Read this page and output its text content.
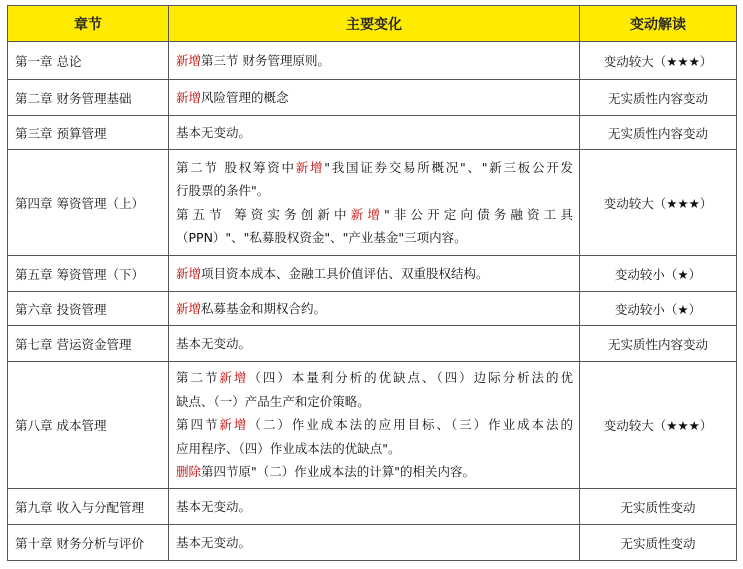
章节	主要变化	变动解读
第一章 总论	新增第三节 财务管理原则。	变动较大（★★★）
第二章 财务管理基础	新增风险管理的概念	无实质性内容变动
第三章 预算管理	基本无变动。	无实质性内容变动
第四章 筹资管理（上）	第二节 股权筹资中新增"我国证券交易所概况"、"新三板公开发
行股票的条件"。
第五节 筹资实务创新中新增"非公开定向债务融资工具
（PPN）"、"私募股权资金"、"产业基金"三项内容。	变动较大（★★★）
第五章 筹资管理（下）	新增项目资本成本、金融工具价值评估、双重股权结构。	变动较小（★）
第六章 投资管理	新增私募基金和期权合约。	变动较小（★）
第七章 营运资金管理	基本无变动。	无实质性内容变动
第八章 成本管理	第二节新增（四）本量利分析的优缺点、（四）边际分析法的优
缺点、（一）产品生产和定价策略。
第四节新增（二）作业成本法的应用目标、（三）作业成本法的
应用程序、（四）作业成本法的优缺点"。
删除第四节原"（二）作业成本法的计算"的相关内容。	变动较大（★★★）
第九章 收入与分配管理	基本无变动。	无实质性变动
第十章 财务分析与评价	基本无变动。	无实质性变动
